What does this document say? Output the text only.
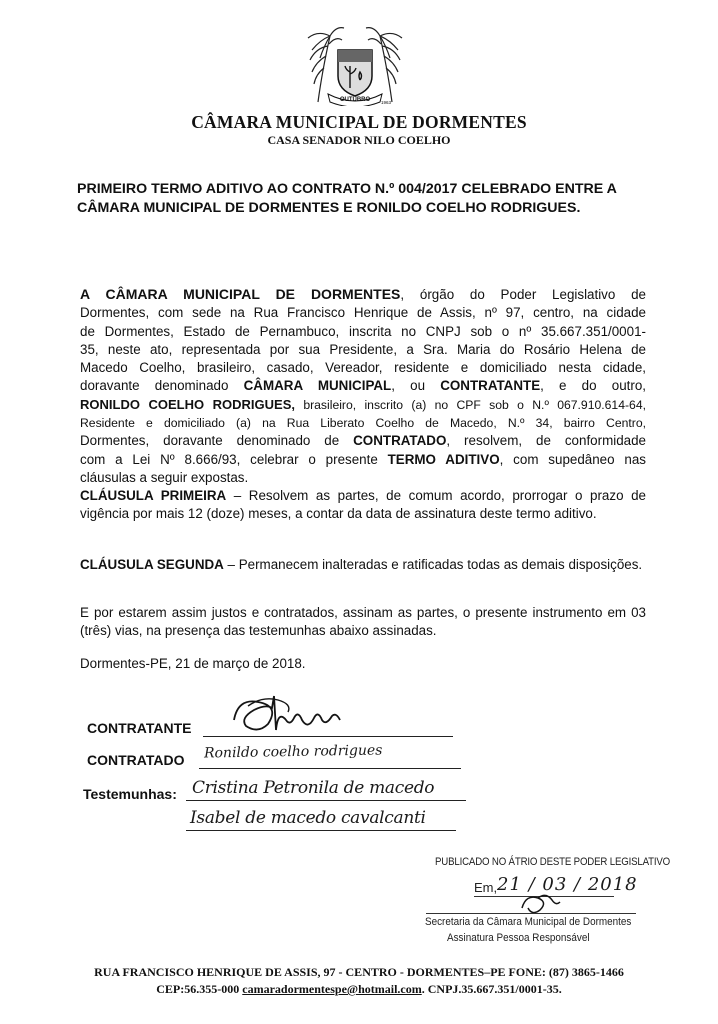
OUTUBRO 1963
CÂMARA MUNICIPAL DE DORMENTES
CASA SENADOR NILO COELHO
PRIMEIRO TERMO ADITIVO AO CONTRATO N.º 004/2017 CELEBRADO ENTRE A
CÂMARA MUNICIPAL DE DORMENTES E RONILDO COELHO RODRIGUES.
A CÂMARA MUNICIPAL DE DORMENTES, órgão do Poder Legislativo de
Dormentes, com sede na Rua Francisco Henrique de Assis, nº 97, centro, na cidade
de Dormentes, Estado de Pernambuco, inscrita no CNPJ sob o nº 35.667.351/0001-
35, neste ato, representada por sua Presidente, a Sra. Maria do Rosário Helena de
Macedo Coelho, brasileiro, casado, Vereador, residente e domiciliado nesta cidade,
doravante denominado CÂMARA MUNICIPAL, ou CONTRATANTE, e do outro,
RONILDO COELHO RODRIGUES, brasileiro, inscrito (a) no CPF sob o N.º 067.910.614-64,
Residente e domiciliado (a) na Rua Liberato Coelho de Macedo, N.º 34, bairro Centro,
Dormentes, doravante denominado de CONTRATADO, resolvem, de conformidade
com a Lei Nº 8.666/93, celebrar o presente TERMO ADITIVO, com supedâneo nas
cláusulas a seguir expostas.
CLÁUSULA PRIMEIRA – Resolvem as partes, de comum acordo, prorrogar o prazo de vigência por mais 12 (doze) meses, a contar da data de assinatura deste termo aditivo.
CLÁUSULA SEGUNDA – Permanecem inalteradas e ratificadas todas as demais disposições.
E por estarem assim justos e contratados, assinam as partes, o presente instrumento em 03 (três) vias, na presença das testemunhas abaixo assinadas.
Dormentes-PE, 21 de março de 2018.
CONTRATANTE
CONTRATADO Ronildo coelho rodrigues
Testemunhas: Cristina Petronila de macedo
Isabel de macedo cavalcanti
PUBLICADO NO ÁTRIO DESTE PODER LEGISLATIVO
Em, 21 / 03 / 2018
Secretaria da Câmara Municipal de Dormentes
Assinatura Pessoa Responsável
RUA FRANCISCO HENRIQUE DE ASSIS, 97 - CENTRO - DORMENTES–PE FONE: (87) 3865-1466
CEP:56.355-000 camaradormentespe@hotmail.com. CNPJ.35.667.351/0001-35.
